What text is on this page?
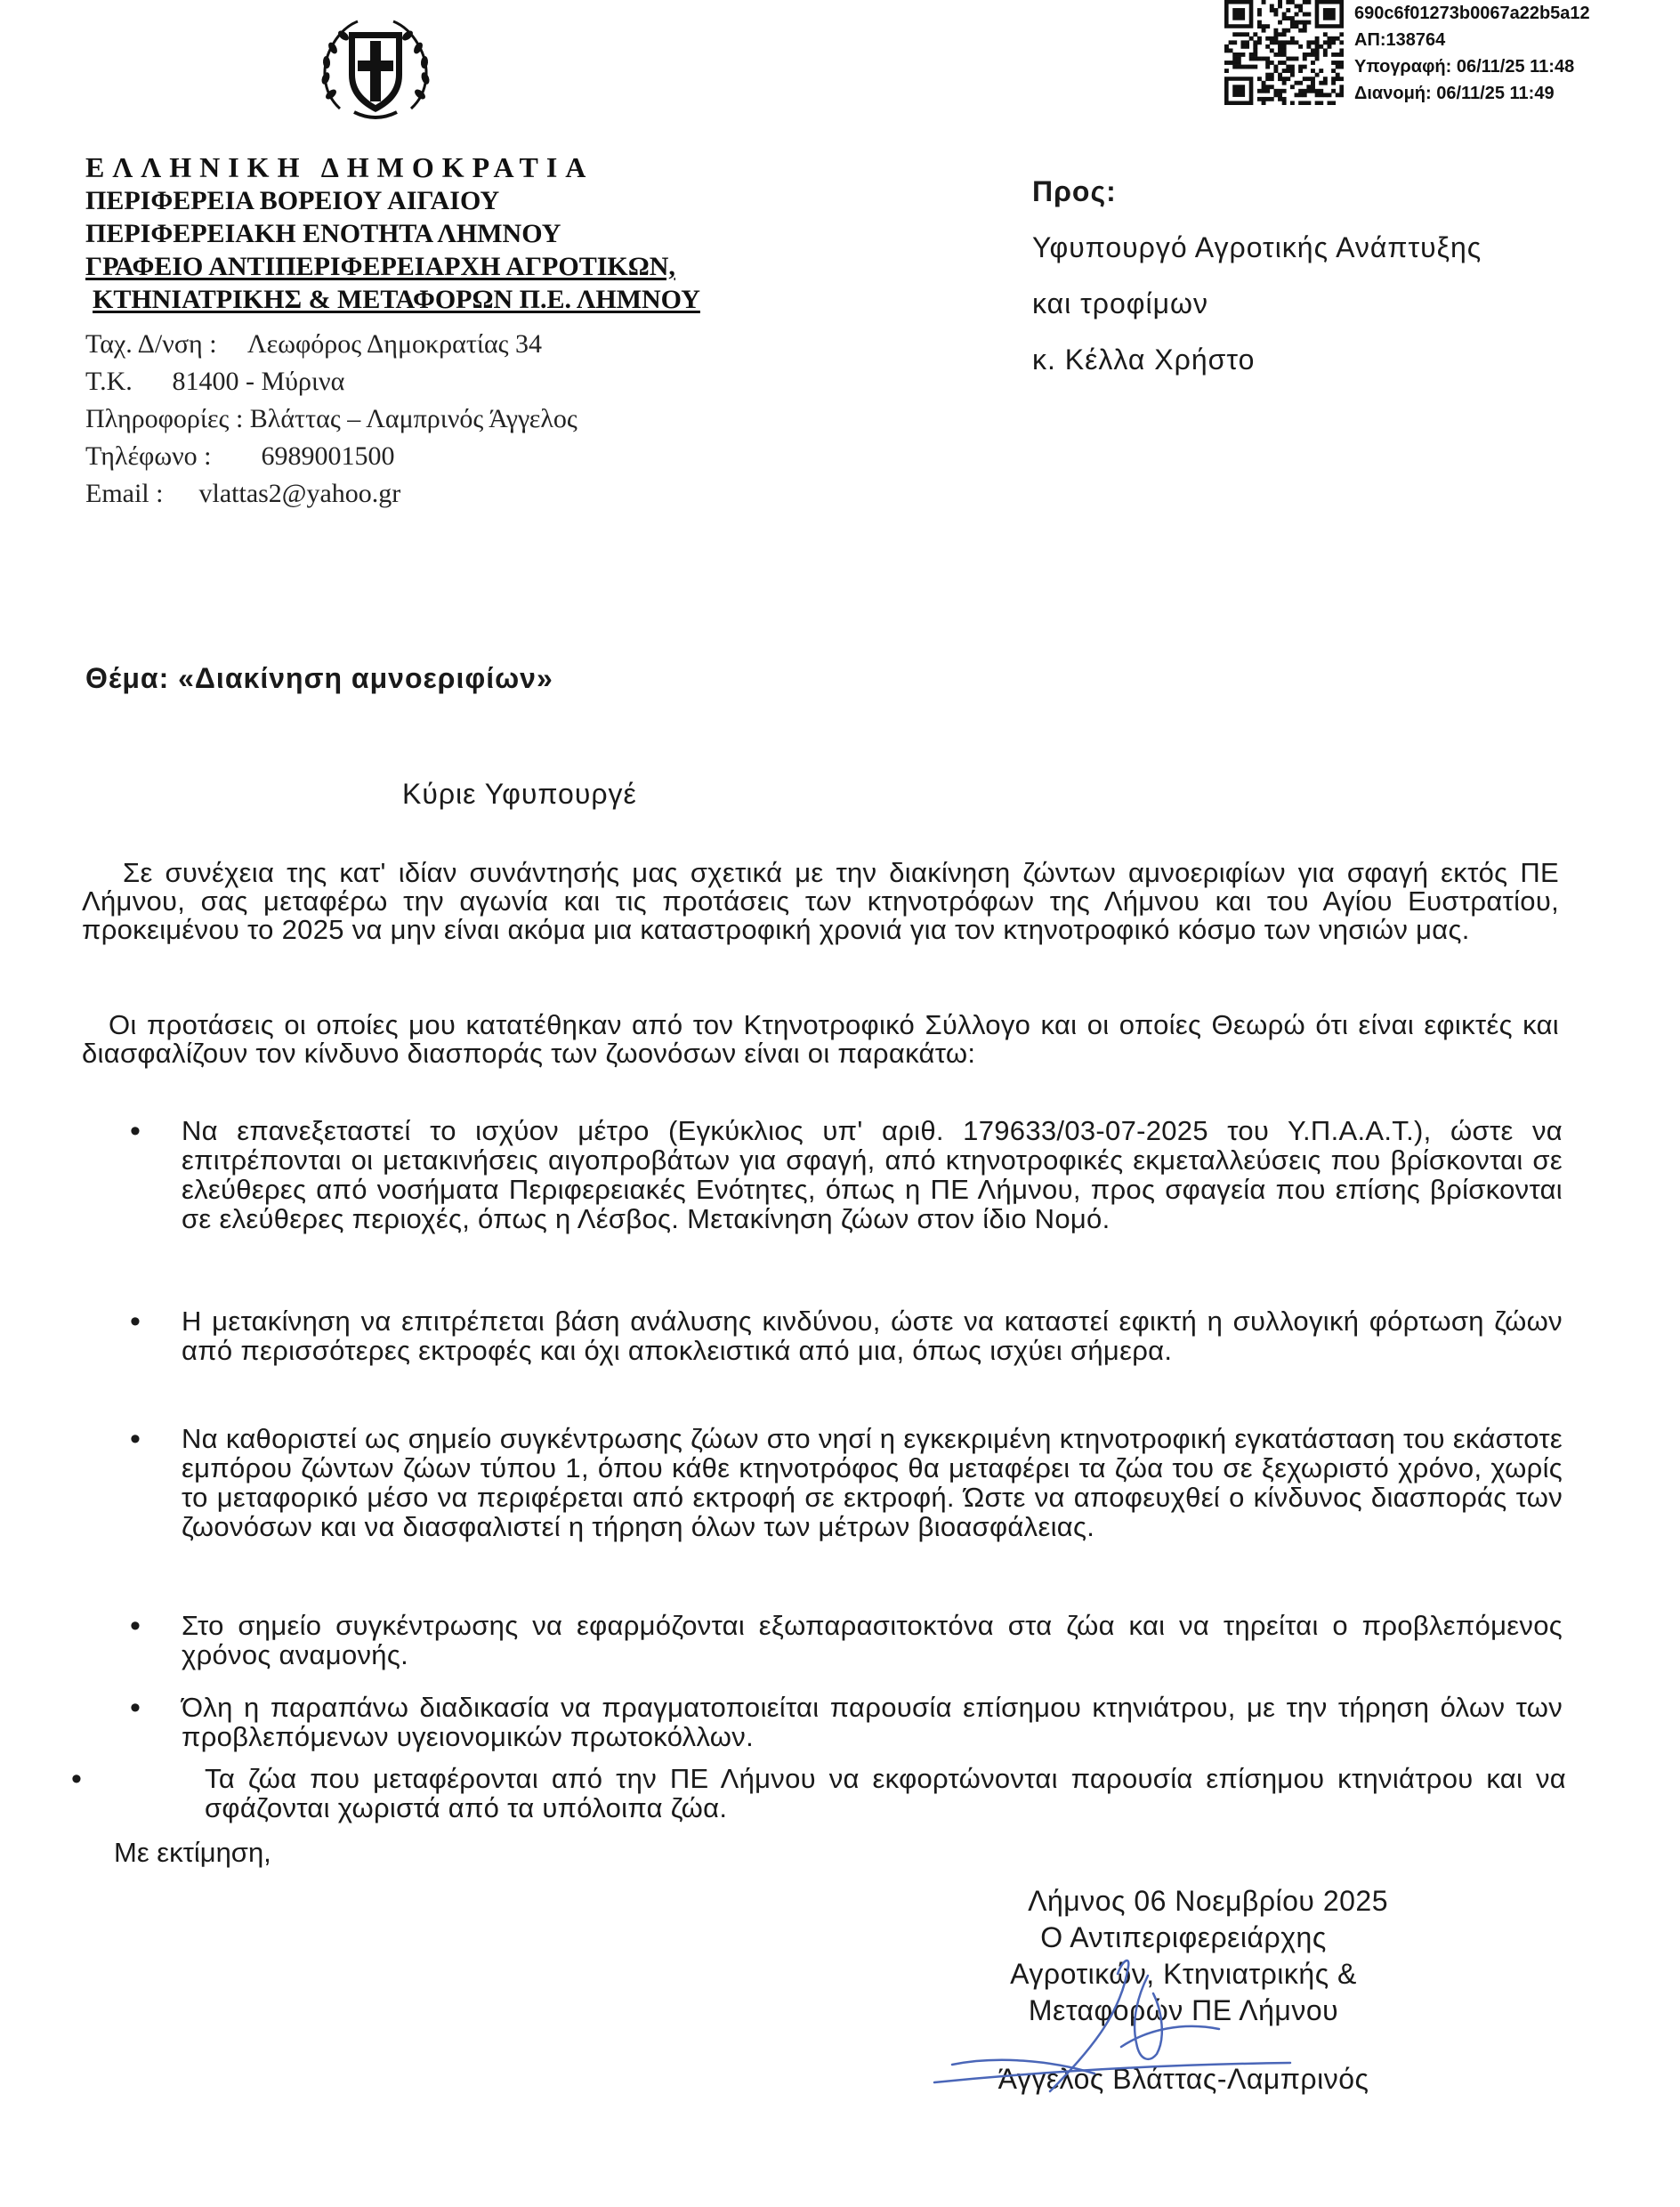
690c6f01273b0067a22b5a12
ΑΠ:138764
Υπογραφή: 06/11/25 11:48
Διανομή: 06/11/25 11:49
ΕΛΛΗΝΙΚΗ ΔΗΜΟΚΡΑΤΙΑ
ΠΕΡΙΦΕΡΕΙΑ ΒΟΡΕΙΟΥ ΑΙΓΑΙΟΥ
ΠΕΡΙΦΕΡΕΙΑΚΗ ΕΝΟΤΗΤΑ ΛΗΜΝΟΥ
ΓΡΑΦΕΙΟ ΑΝΤΙΠΕΡΙΦΕΡΕΙΑΡΧΗ ΑΓΡΟΤΙΚΩΝ,
ΚΤΗΝΙΑΤΡΙΚΗΣ & ΜΕΤΑΦΟΡΩΝ Π.Ε. ΛΗΜΝΟΥ
Ταχ. Δ/νση : Λεωφόρος Δημοκρατίας 34
Τ.Κ. 81400 - Μύρινα
Πληροφορίες : Βλάττας – Λαμπρινός Άγγελος
Τηλέφωνο : 6989001500
Email : vlattas2@yahoo.gr
Προς:
Υφυπουργό Αγροτικής Ανάπτυξης
και τροφίμων
κ. Κέλλα Χρήστο
Θέμα: «Διακίνηση αμνοεριφίων»
Κύριε Υφυπουργέ
Σε συνέχεια της κατ' ιδίαν συνάντησής μας σχετικά με την διακίνηση ζώντων αμνοεριφίων για σφαγή εκτός ΠΕ Λήμνου, σας μεταφέρω την αγωνία και τις προτάσεις των κτηνοτρόφων της Λήμνου και του Αγίου Ευστρατίου, προκειμένου το 2025 να μην είναι ακόμα μια καταστροφική χρονιά για τον κτηνοτροφικό κόσμο των νησιών μας.
Οι προτάσεις οι οποίες μου κατατέθηκαν από τον Κτηνοτροφικό Σύλλογο και οι οποίες Θεωρώ ότι είναι εφικτές και διασφαλίζουν τον κίνδυνο διασποράς των ζωονόσων είναι οι παρακάτω:
• Να επανεξεταστεί το ισχύον μέτρο (Εγκύκλιος υπ' αριθ. 179633/03-07-2025 του Υ.Π.Α.Α.Τ.), ώστε να επιτρέπονται οι μετακινήσεις αιγοπροβάτων για σφαγή, από κτηνοτροφικές εκμεταλλεύσεις που βρίσκονται σε ελεύθερες από νοσήματα Περιφερειακές Ενότητες, όπως η ΠΕ Λήμνου, προς σφαγεία που επίσης βρίσκονται σε ελεύθερες περιοχές, όπως η Λέσβος. Μετακίνηση ζώων στον ίδιο Νομό.
• Η μετακίνηση να επιτρέπεται βάση ανάλυσης κινδύνου, ώστε να καταστεί εφικτή η συλλογική φόρτωση ζώων από περισσότερες εκτροφές και όχι αποκλειστικά από μια, όπως ισχύει σήμερα.
• Να καθοριστεί ως σημείο συγκέντρωσης ζώων στο νησί η εγκεκριμένη κτηνοτροφική εγκατάσταση του εκάστοτε εμπόρου ζώντων ζώων τύπου 1, όπου κάθε κτηνοτρόφος θα μεταφέρει τα ζώα του σε ξεχωριστό χρόνο, χωρίς το μεταφορικό μέσο να περιφέρεται από εκτροφή σε εκτροφή. Ώστε να αποφευχθεί ο κίνδυνος διασποράς των ζωονόσων και να διασφαλιστεί η τήρηση όλων των μέτρων βιοασφάλειας.
• Στο σημείο συγκέντρωσης να εφαρμόζονται εξωπαρασιτοκτόνα στα ζώα και να τηρείται ο προβλεπόμενος χρόνος αναμονής.
• Όλη η παραπάνω διαδικασία να πραγματοποιείται παρουσία επίσημου κτηνιάτρου, με την τήρηση όλων των προβλεπόμενων υγειονομικών πρωτοκόλλων.
•	Τα ζώα που μεταφέρονται από την ΠΕ Λήμνου να εκφορτώνονται παρουσία επίσημου κτηνιάτρου και να σφάζονται χωριστά από τα υπόλοιπα ζώα.
Με εκτίμηση,
Λήμνος 06 Νοεμβρίου 2025
Ο Αντιπεριφερειάρχης
Αγροτικών, Κτηνιατρικής &
Μεταφορών ΠΕ Λήμνου
Άγγελος Βλάττας-Λαμπρινός
